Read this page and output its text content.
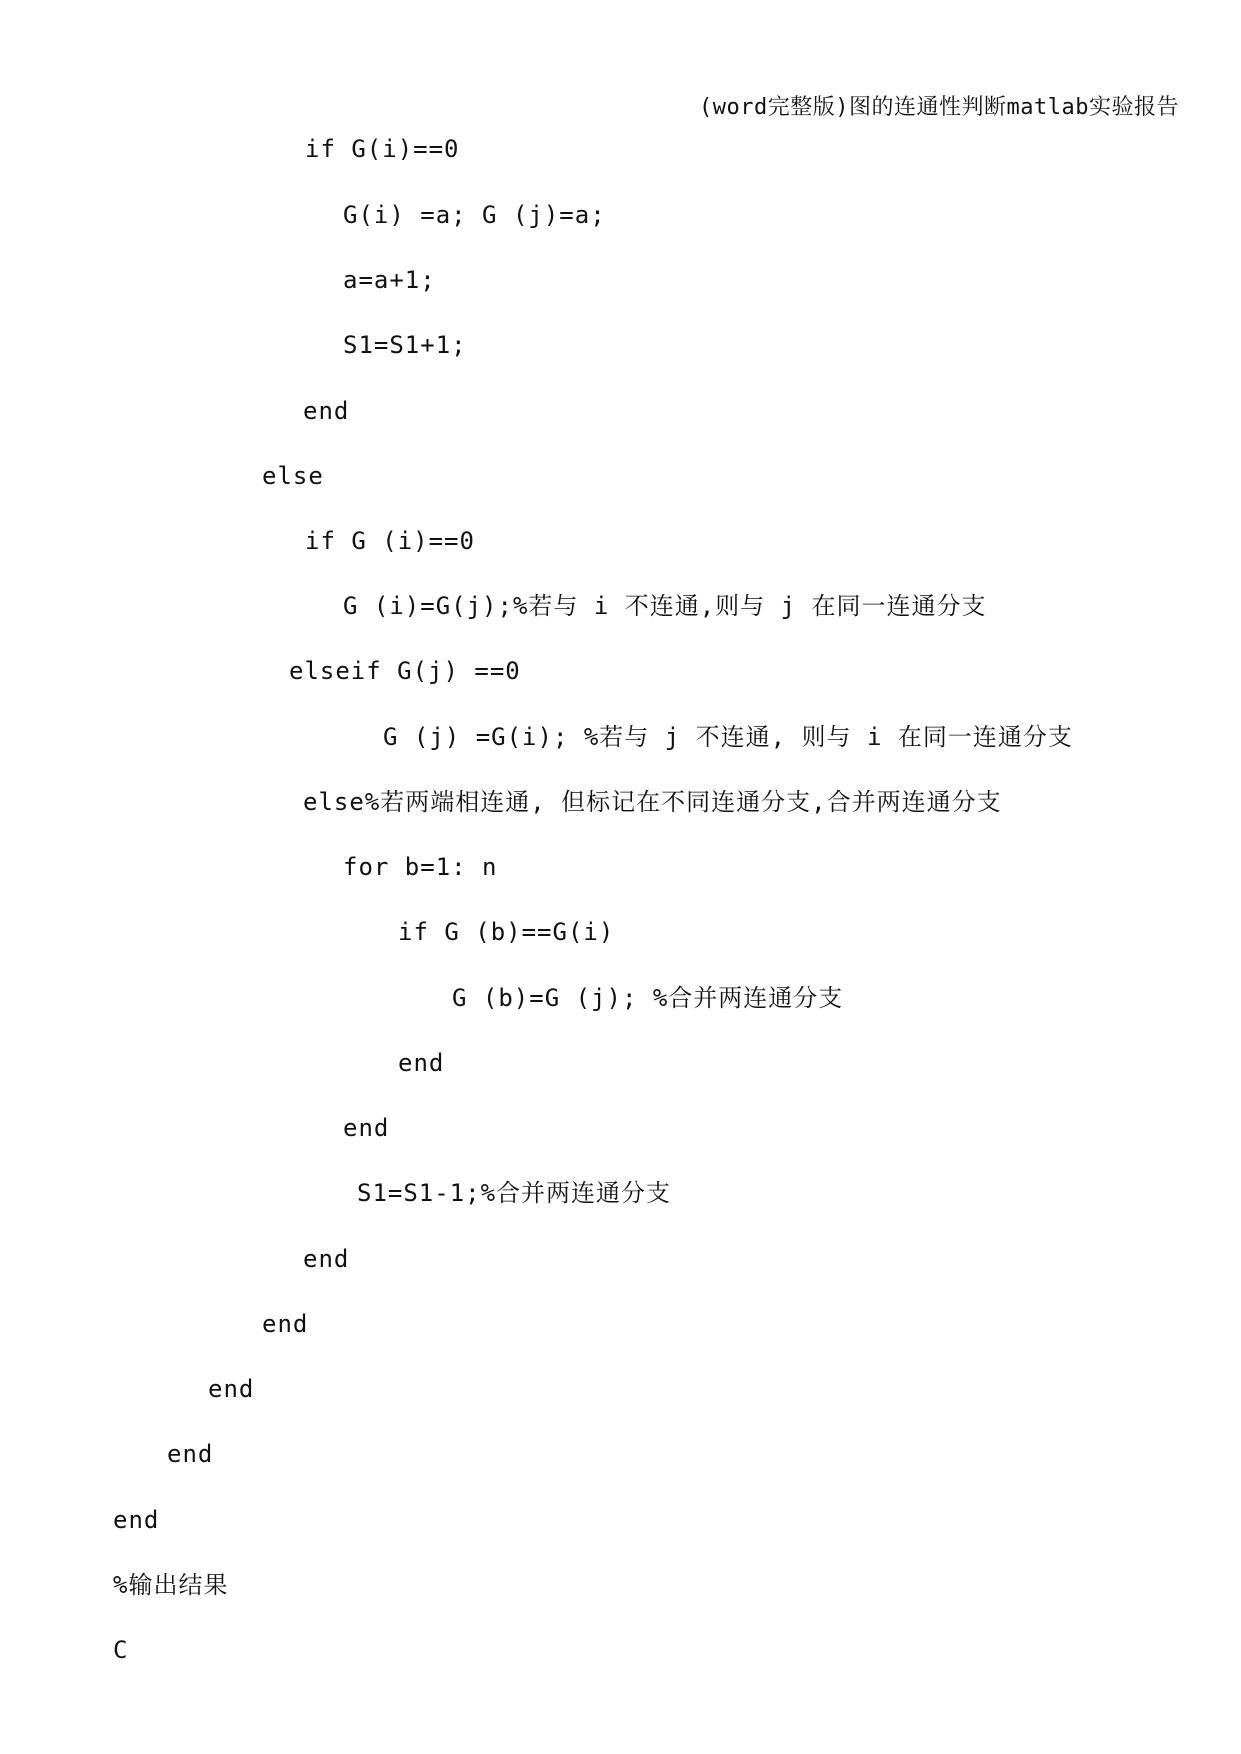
(word完整版)图的连通性判断matlab实验报告
if G(i)==0
G(i) =a; G (j)=a;
a=a+1;
S1=S1+1;
end
else
if G (i)==0
G (i)=G(j);%若与 i 不连通,则与 j 在同一连通分支
elseif G(j) ==0
G (j) =G(i); %若与 j 不连通, 则与 i 在同一连通分支
else%若两端相连通, 但标记在不同连通分支,合并两连通分支
for b=1: n
if G (b)==G(i)
G (b)=G (j); %合并两连通分支
end
end
S1=S1-1;%合并两连通分支
end
end
end
end
end
%输出结果
C
